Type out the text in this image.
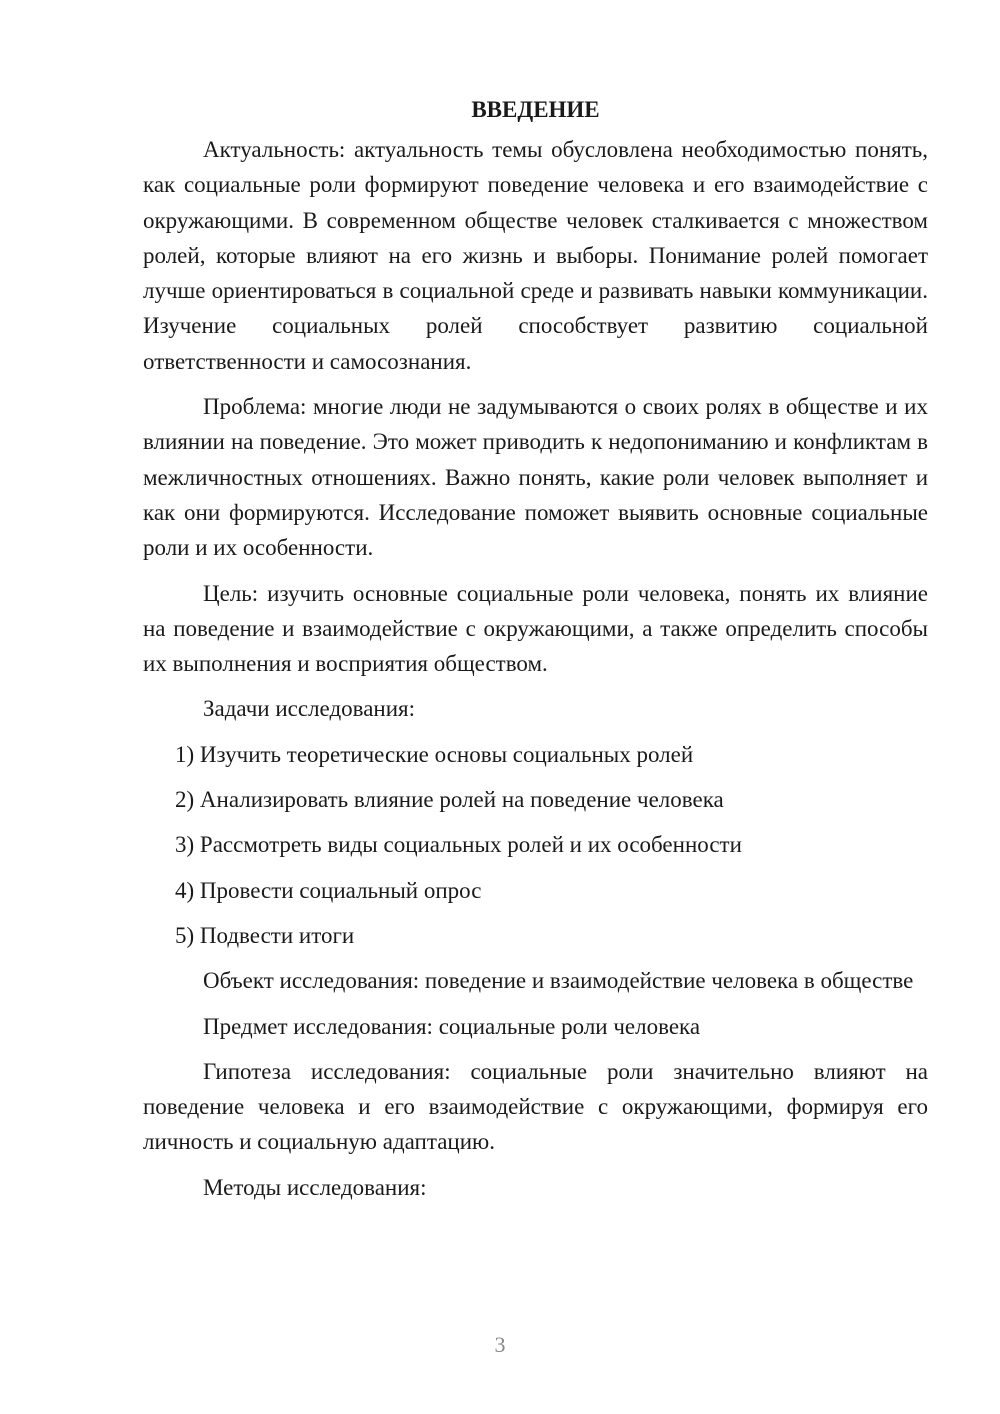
ВВЕДЕНИЕ

Актуальность: актуальность темы обусловлена необходимостью понять, как социальные роли формируют поведение человека и его взаимодействие с окружающими. В современном обществе человек сталкивается с множеством ролей, которые влияют на его жизнь и выборы. Понимание ролей помогает лучше ориентироваться в социальной среде и развивать навыки коммуникации. Изучение социальных ролей способствует развитию социальной ответственности и самосознания.

Проблема: многие люди не задумываются о своих ролях в обществе и их влиянии на поведение. Это может приводить к недопониманию и конфликтам в межличностных отношениях. Важно понять, какие роли человек выполняет и как они формируются. Исследование поможет выявить основные социальные роли и их особенности.

Цель: изучить основные социальные роли человека, понять их влияние на поведение и взаимодействие с окружающими, а также определить способы их выполнения и восприятия обществом.

Задачи исследования:

1) Изучить теоретические основы социальных ролей

2) Анализировать влияние ролей на поведение человека

3) Рассмотреть виды социальных ролей и их особенности

4) Провести социальный опрос

5) Подвести итоги

Объект исследования: поведение и взаимодействие человека в обществе

Предмет исследования: социальные роли человека

Гипотеза исследования: социальные роли значительно влияют на поведение человека и его взаимодействие с окружающими, формируя его личность и социальную адаптацию.

Методы исследования:

3
